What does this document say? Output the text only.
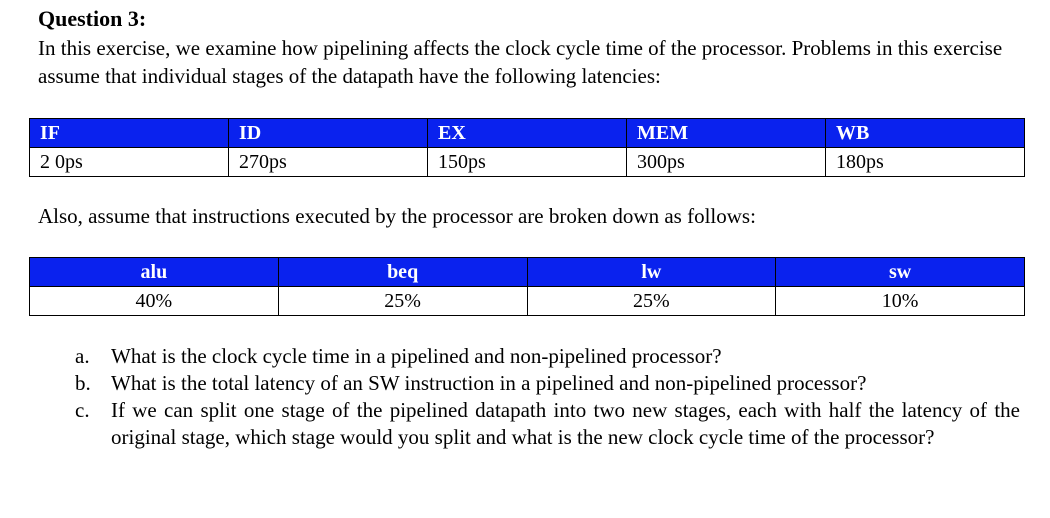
Question 3:
In this exercise, we examine how pipelining affects the clock cycle time of the processor. Problems in this exercise assume that individual stages of the datapath have the following latencies:
IF	ID	EX	MEM	WB
2 0ps	270ps	150ps	300ps	180ps
Also, assume that instructions executed by the processor are broken down as follows:
alu	beq	lw	sw
40%	25%	25%	10%
a.	What is the clock cycle time in a pipelined and non-pipelined processor?
b. What is the total latency of an SW instruction in a pipelined and non-pipelined processor?
c.	If we can split one stage of the pipelined datapath into two new stages, each with half the latency of the original stage, which stage would you split and what is the new clock cycle time of the processor?
